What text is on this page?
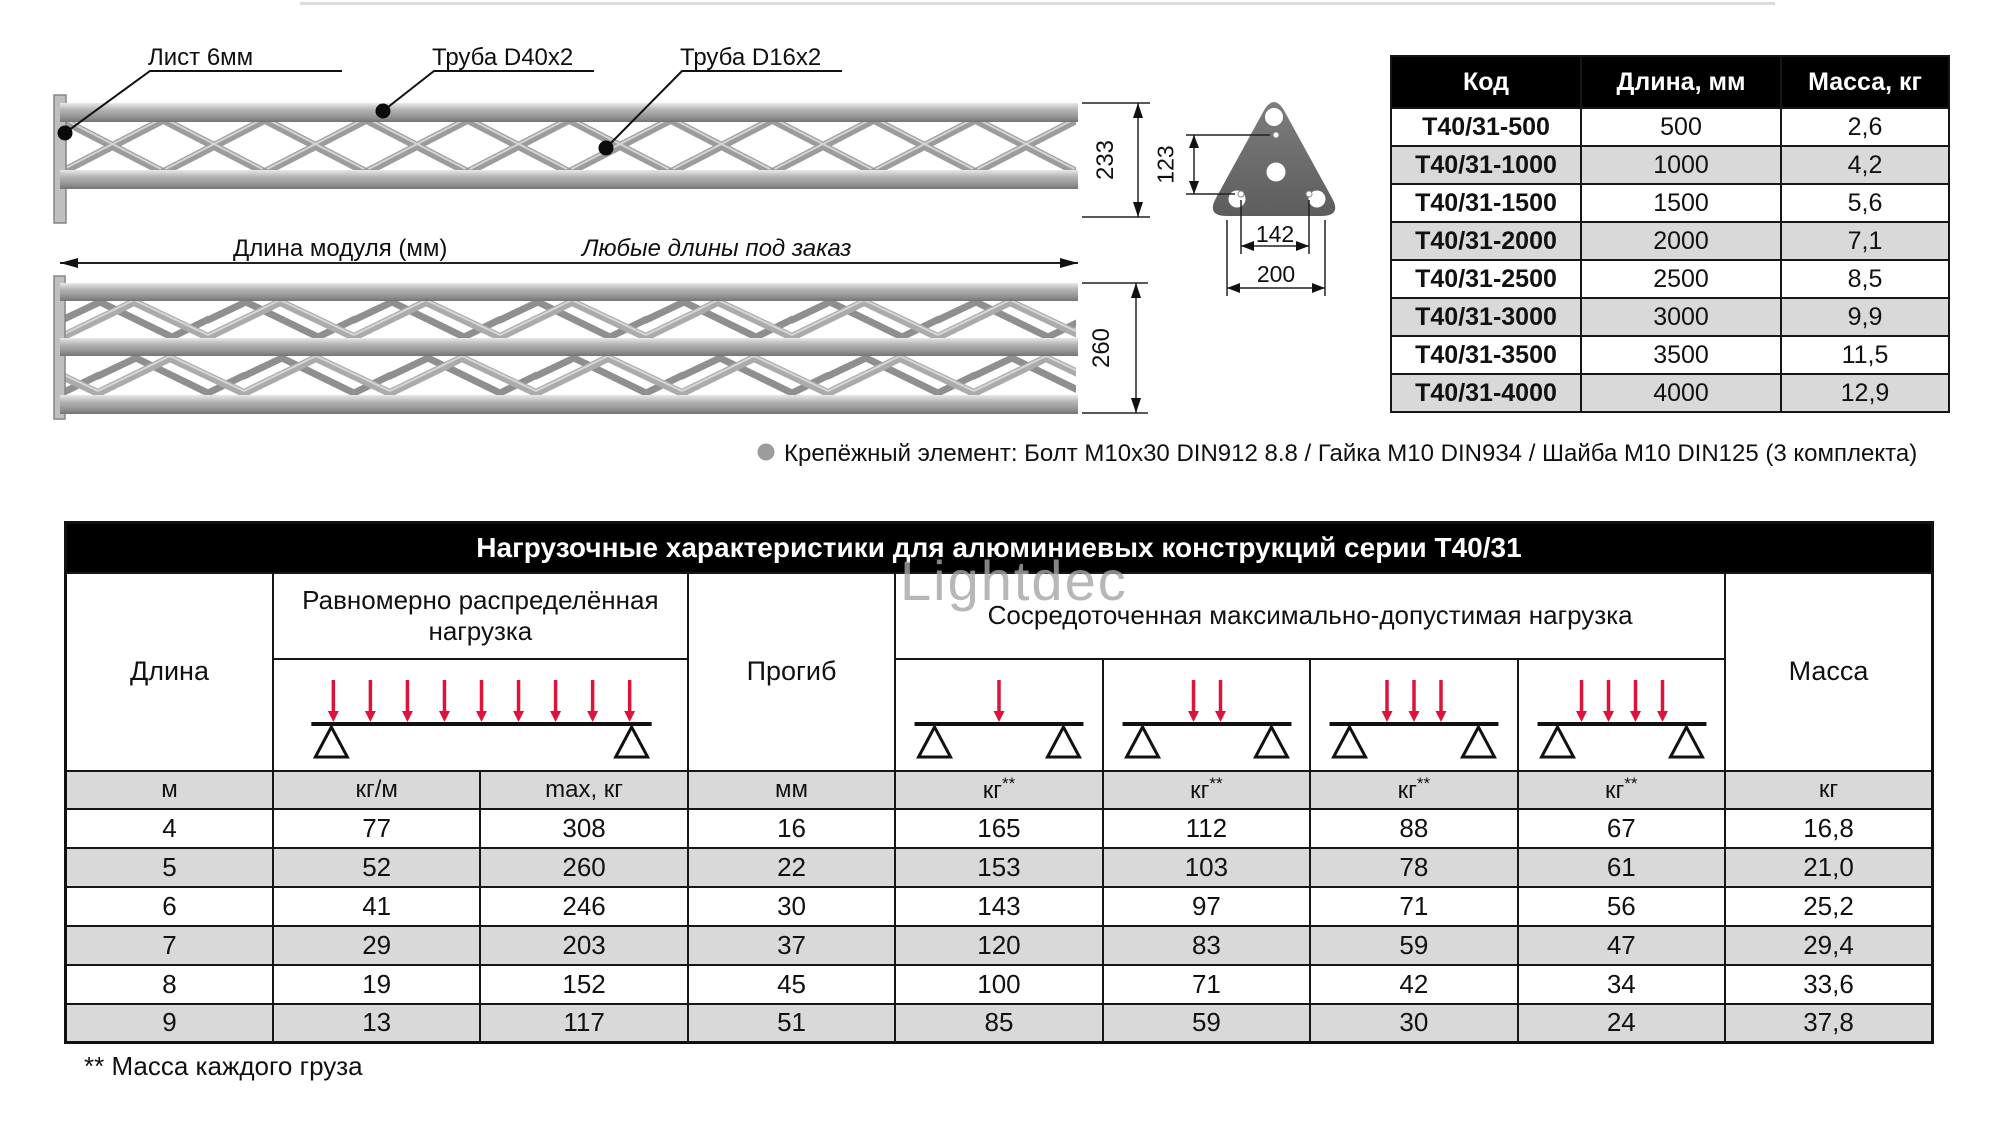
Лист 6мм	Труба D40x2	Труба D16x2
233
260
123
142
200
Длина модуля (мм)	Любые длины под заказ
Крепёжный элемент: Болт М10х30 DIN912 8.8 / Гайка М10 DIN934 / Шайба М10 DIN125 (3 комплекта)
Lightdec
Код	Длина, мм	Масса, кг
Т40/31-500	500	2,6
Т40/31-1000	1000	4,2
Т40/31-1500	1500	5,6
Т40/31-2000	2000	7,1
Т40/31-2500	2500	8,5
Т40/31-3000	3000	9,9
Т40/31-3500	3500	11,5
Т40/31-4000	4000	12,9
Нагрузочные характеристики для алюминиевых конструкций серии Т40/31								
Длина	Равномерно распределённая нагрузка		Прогиб	Сосредоточенная максимально-допустимая нагрузка				Масса

м	кг/м	max, кг	мм	кг**	кг**	кг**	кг**	кг
4	77	308	16	165	112	88	67	16,8
5	52	260	22	153	103	78	61	21,0
6	41	246	30	143	97	71	56	25,2
7	29	203	37	120	83	59	47	29,4
8	19	152	45	100	71	42	34	33,6
9	13	117	51	85	59	30	24	37,8
** Масса каждого груза
